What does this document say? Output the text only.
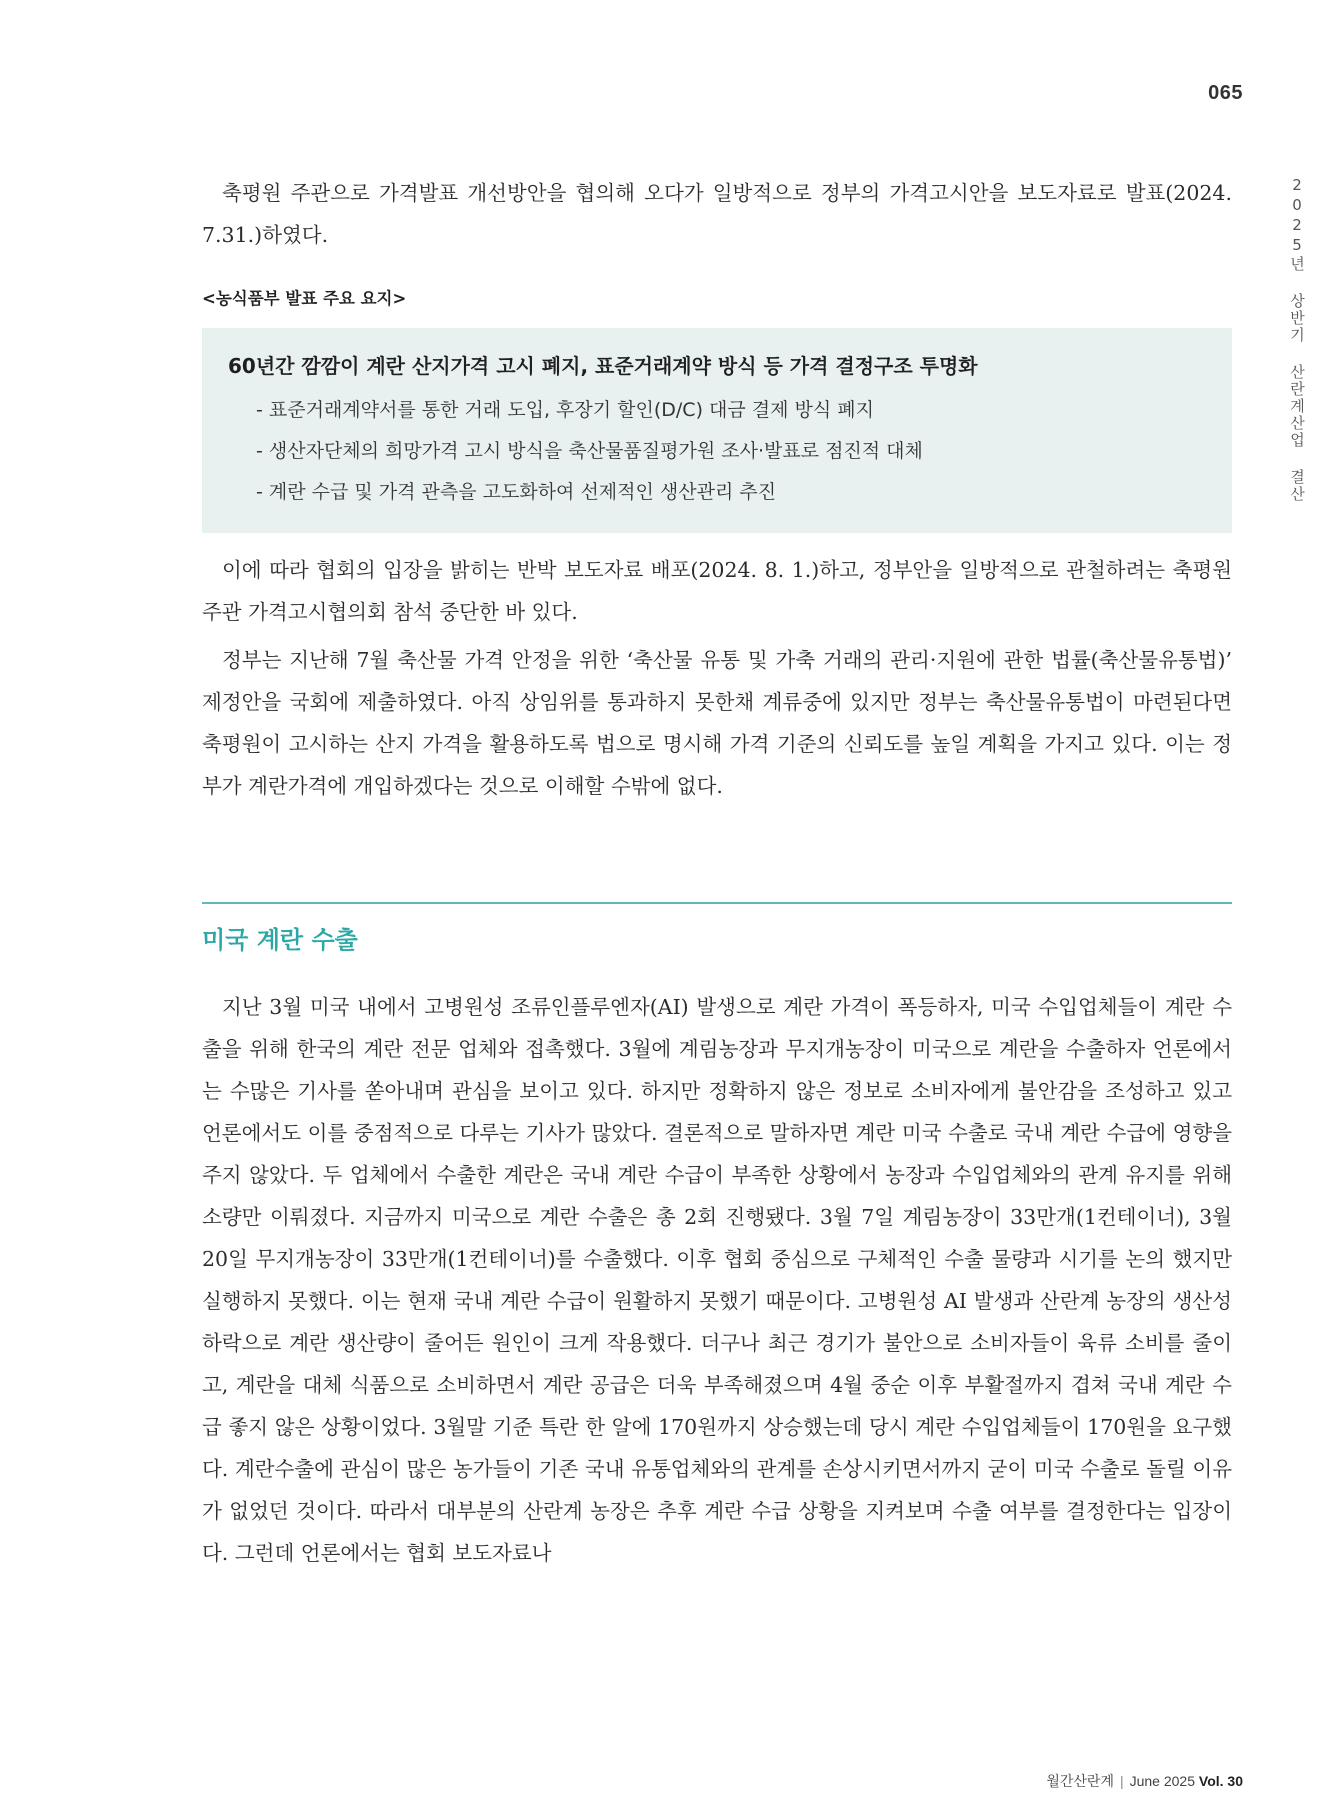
065
2025년 상반기 산란계산업 결산

축평원 주관으로 가격발표 개선방안을 협의해 오다가 일방적으로 정부의 가격고시안을 보도자료로 발표(2024. 7.31.)하였다.

<농식품부 발표 주요 요지>

60년간 깜깜이 계란 산지가격 고시 폐지, 표준거래계약 방식 등 가격 결정구조 투명화

- 표준거래계약서를 통한 거래 도입, 후장기 할인(D/C) 대금 결제 방식 폐지
- 생산자단체의 희망가격 고시 방식을 축산물품질평가원 조사·발표로 점진적 대체
- 계란 수급 및 가격 관측을 고도화하여 선제적인 생산관리 추진

이에 따라 협회의 입장을 밝히는 반박 보도자료 배포(2024. 8. 1.)하고, 정부안을 일방적으로 관철하려는 축평원 주관 가격고시협의회 참석 중단한 바 있다.

정부는 지난해 7월 축산물 가격 안정을 위한 ‘축산물 유통 및 가축 거래의 관리·지원에 관한 법률(축산물유통법)’ 제정안을 국회에 제출하였다. 아직 상임위를 통과하지 못한채 계류중에 있지만 정부는 축산물유통법이 마련된다면 축평원이 고시하는 산지 가격을 활용하도록 법으로 명시해 가격 기준의 신뢰도를 높일 계획을 가지고 있다. 이는 정부가 계란가격에 개입하겠다는 것으로 이해할 수밖에 없다.

미국 계란 수출

지난 3월 미국 내에서 고병원성 조류인플루엔자(AI) 발생으로 계란 가격이 폭등하자, 미국 수입업체들이 계란 수출을 위해 한국의 계란 전문 업체와 접촉했다. 3월에 계림농장과 무지개농장이 미국으로 계란을 수출하자 언론에서는 수많은 기사를 쏟아내며 관심을 보이고 있다. 하지만 정확하지 않은 정보로 소비자에게 불안감을 조성하고 있고 언론에서도 이를 중점적으로 다루는 기사가 많았다. 결론적으로 말하자면 계란 미국 수출로 국내 계란 수급에 영향을 주지 않았다. 두 업체에서 수출한 계란은 국내 계란 수급이 부족한 상황에서 농장과 수입업체와의 관계 유지를 위해 소량만 이뤄졌다. 지금까지 미국으로 계란 수출은 총 2회 진행됐다. 3월 7일 계림농장이 33만개(1컨테이너), 3월 20일 무지개농장이 33만개(1컨테이너)를 수출했다. 이후 협회 중심으로 구체적인 수출 물량과 시기를 논의 했지만 실행하지 못했다. 이는 현재 국내 계란 수급이 원활하지 못했기 때문이다. 고병원성 AI 발생과 산란계 농장의 생산성 하락으로 계란 생산량이 줄어든 원인이 크게 작용했다. 더구나 최근 경기가 불안으로 소비자들이 육류 소비를 줄이고, 계란을 대체 식품으로 소비하면서 계란 공급은 더욱 부족해졌으며 4월 중순 이후 부활절까지 겹쳐 국내 계란 수급 좋지 않은 상황이었다. 3월말 기준 특란 한 알에 170원까지 상승했는데 당시 계란 수입업체들이 170원을 요구했다. 계란수출에 관심이 많은 농가들이 기존 국내 유통업체와의 관계를 손상시키면서까지 굳이 미국 수출로 돌릴 이유가 없었던 것이다. 따라서 대부분의 산란계 농장은 추후 계란 수급 상황을 지켜보며 수출 여부를 결정한다는 입장이다. 그런데 언론에서는 협회 보도자료나

월간산란계 | June 2025 Vol. 30
